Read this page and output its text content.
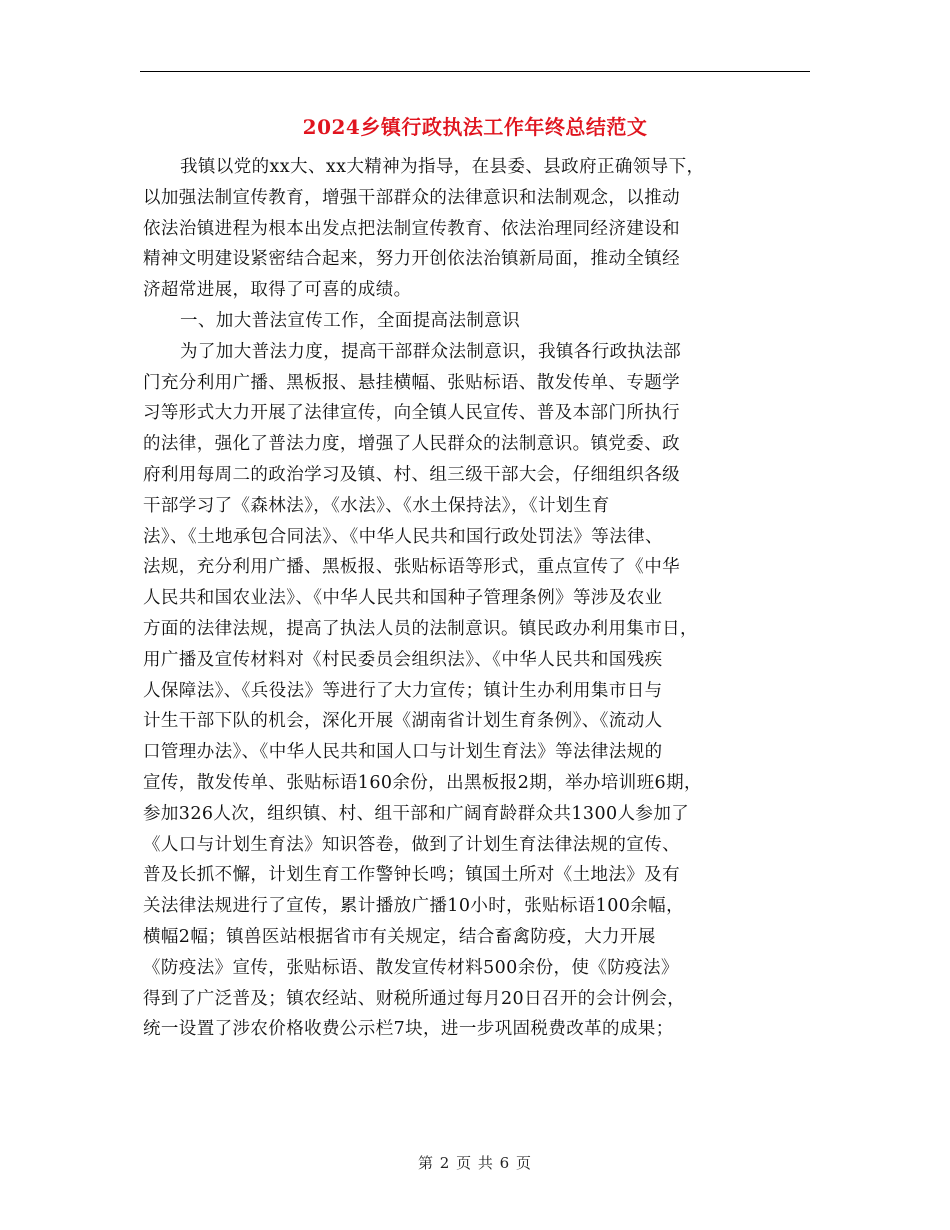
2024乡镇行政执法工作年终总结范文
我镇以党的xx大、xx大精神为指导，在县委、县政府正确领导下，
以加强法制宣传教育，增强干部群众的法律意识和法制观念，以推动
依法治镇进程为根本出发点把法制宣传教育、依法治理同经济建设和
精神文明建设紧密结合起来，努力开创依法治镇新局面，推动全镇经
济超常进展，取得了可喜的成绩。
一、加大普法宣传工作，全面提高法制意识
为了加大普法力度，提高干部群众法制意识，我镇各行政执法部
门充分利用广播、黑板报、悬挂横幅、张贴标语、散发传单、专题学
习等形式大力开展了法律宣传，向全镇人民宣传、普及本部门所执行
的法律，强化了普法力度，增强了人民群众的法制意识。镇党委、政
府利用每周二的政治学习及镇、村、组三级干部大会，仔细组织各级
干部学习了《森林法》，《水法》、《水土保持法》，《计划生育
法》、《土地承包合同法》、《中华人民共和国行政处罚法》等法律、
法规，充分利用广播、黑板报、张贴标语等形式，重点宣传了《中华
人民共和国农业法》、《中华人民共和国种子管理条例》等涉及农业
方面的法律法规，提高了执法人员的法制意识。镇民政办利用集市日，
用广播及宣传材料对《村民委员会组织法》、《中华人民共和国残疾
人保障法》、《兵役法》等进行了大力宣传；镇计生办利用集市日与
计生干部下队的机会，深化开展《湖南省计划生育条例》、《流动人
口管理办法》、《中华人民共和国人口与计划生育法》等法律法规的
宣传，散发传单、张贴标语160余份，出黑板报2期，举办培训班6期，
参加326人次，组织镇、村、组干部和广阔育龄群众共1300人参加了
《人口与计划生育法》知识答卷，做到了计划生育法律法规的宣传、
普及长抓不懈，计划生育工作警钟长鸣；镇国土所对《土地法》及有
关法律法规进行了宣传，累计播放广播10小时，张贴标语100余幅，
横幅2幅；镇兽医站根据省市有关规定，结合畜禽防疫，大力开展
《防疫法》宣传，张贴标语、散发宣传材料500余份，使《防疫法》
得到了广泛普及；镇农经站、财税所通过每月20日召开的会计例会，
统一设置了涉农价格收费公示栏7块，进一步巩固税费改革的成果；
第 2 页 共 6 页
